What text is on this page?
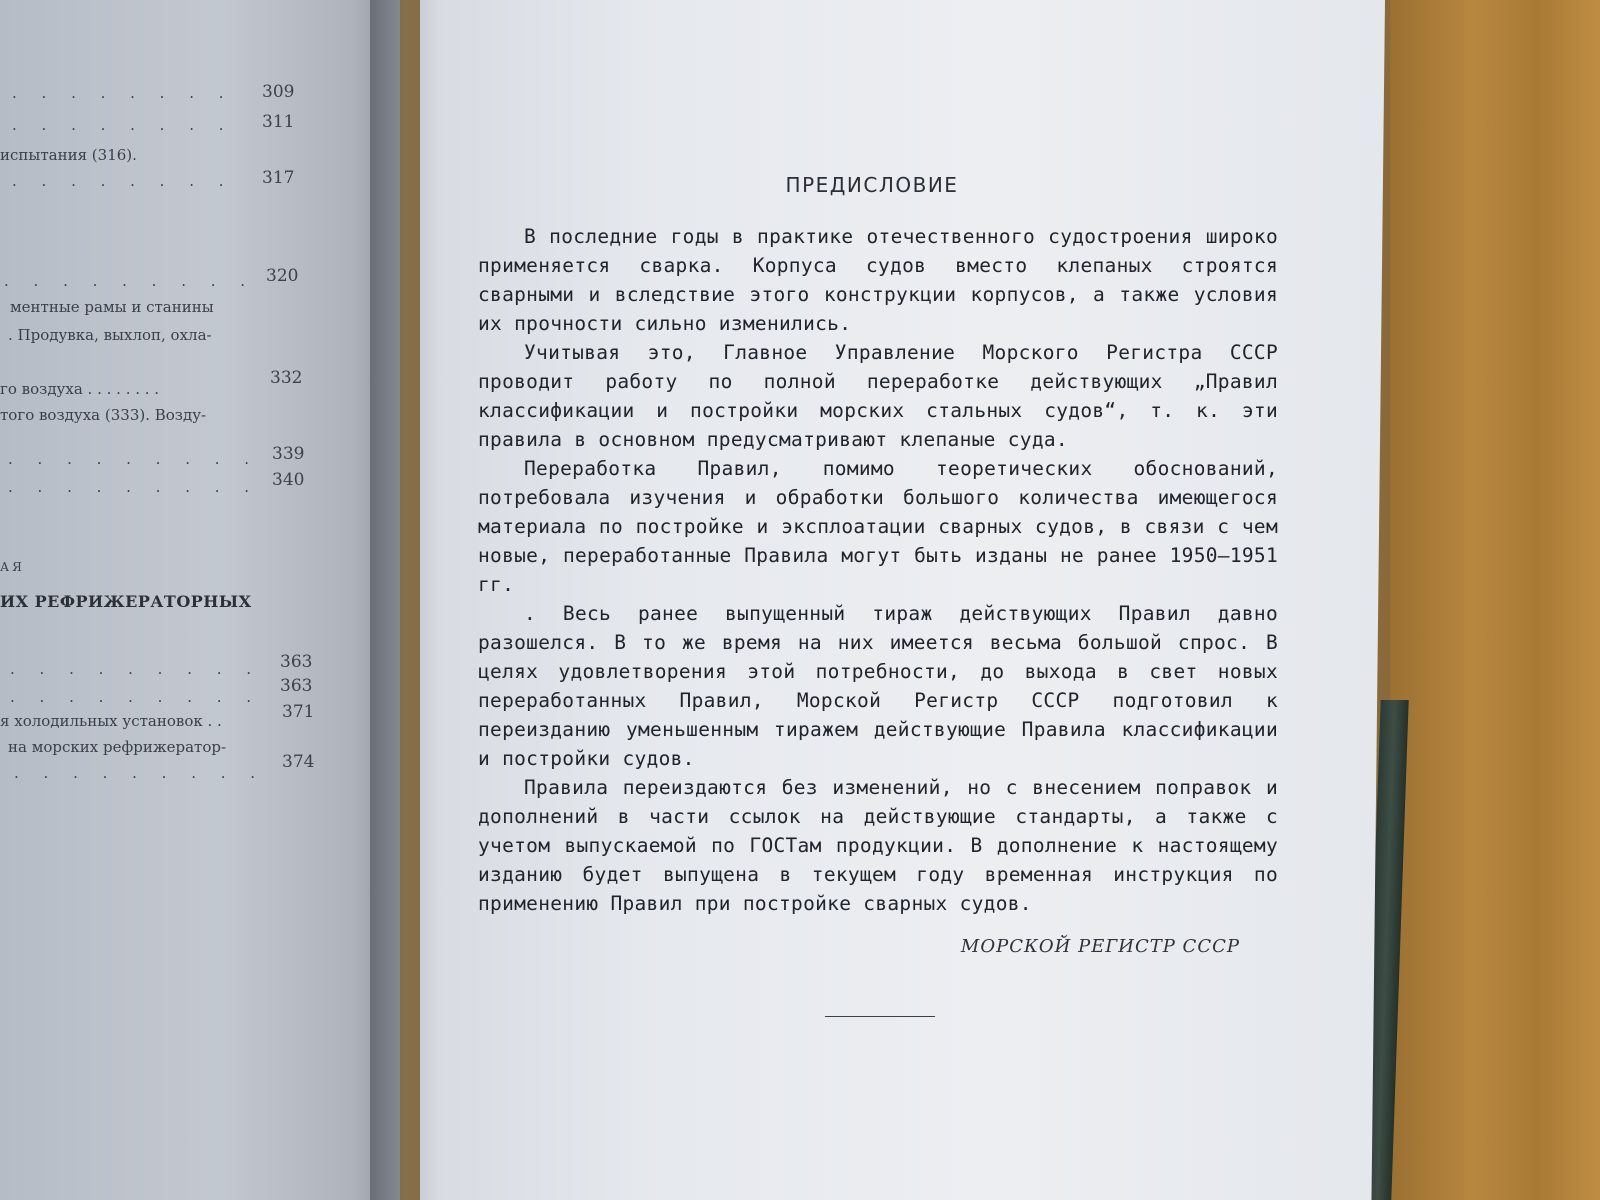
испытания (316).
. . . . . . . . 309
. . . . . . . . 311
. . . . . . . . 317
. . . . . . . . . 320
ментные рамы и станины
. Продувка, выхлоп, охла-
го воздуха . . . . . . . .
332
того воздуха (333). Возду-
. . . . . . . . . 339
. . . . . . . . . 340
АЯ
ИХ РЕФРИЖЕРАТОРНЫХ
. . . . . . . . . 363
. . . . . . . . .
363
я холодильных установок . .	371
на морских рефрижератор-
. . . . . . . . .
374
ПРЕДИСЛОВИЕ

В последние годы в практике отечественного судостроения широко применяется сварка. Корпуса судов вместо клепаных строятся сварными и вследствие этого конструкции корпусов, а также условия их прочности сильно изменились.

Учитывая это, Главное Управление Морского Регистра СССР проводит работу по полной переработке действующих „Правил классификации и постройки морских стальных судов“, т. к. эти правила в основном предусматривают клепаные суда.

Переработка Правил, помимо теоретических обоснований, потребовала изучения и обработки большого количества имеющегося материала по постройке и эксплоатации сварных судов, в связи с чем новые, переработанные Правила могут быть изданы не ранее 1950—1951 гг.

. Весь ранее выпущенный тираж действующих Правил давно разошелся. В то же время на них имеется весьма большой спрос. В целях удовлетворения этой потребности, до выхода в свет новых переработанных Правил, Морской Регистр СССР подготовил к переизданию уменьшенным тиражем действующие Правила классификации и постройки судов.

Правила переиздаются без изменений, но с внесением поправок и дополнений в части ссылок на действующие стандарты, а также с учетом выпускаемой по ГОСТам продукции. В дополнение к настоящему изданию будет выпущена в текущем году временная инструкция по применению Правил при постройке сварных судов.

МОРСКОЙ РЕГИСТР СССР
